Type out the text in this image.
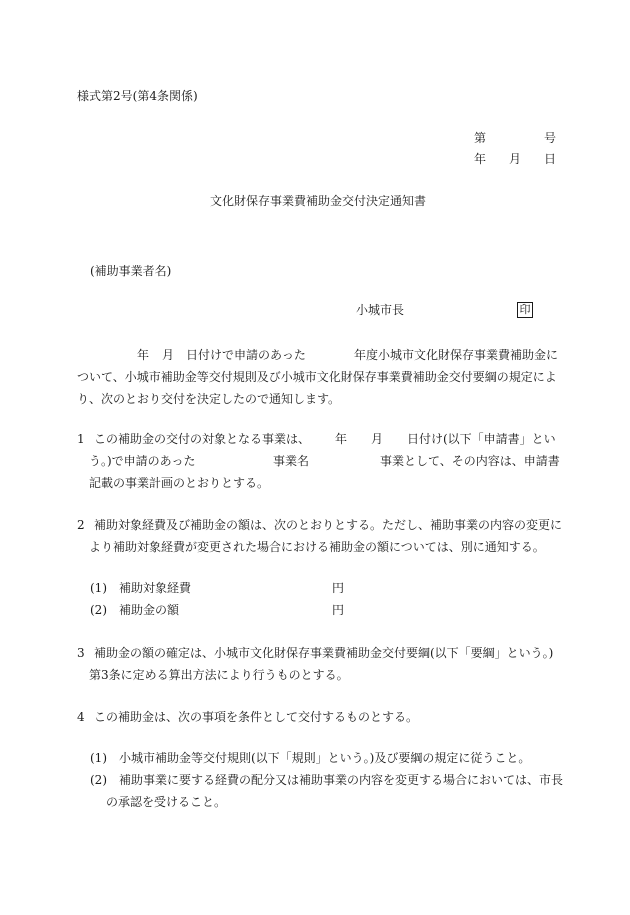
様式第2号(第4条関係)
第	号
年 月 日
文化財保存事業費補助金交付決定通知書
(補助事業者名)
小城市長	印
年 月 日付けで申請のあった	年度小城市文化財保存事業費補助金に
ついて、小城市補助金等交付規則及び小城市文化財保存事業費補助金交付要綱の規定によ
り、次のとおり交付を決定したので通知します。
1 この補助金の交付の対象となる事業は、 年 月 日付け(以下「申請書」とい
う。)で申請のあった	事業名	事業として、その内容は、申請書
記載の事業計画のとおりとする。
2 補助対象経費及び補助金の額は、次のとおりとする。ただし、補助事業の内容の変更に
より補助対象経費が変更された場合における補助金の額については、別に通知する。
(1) 補助対象経費	円
(2) 補助金の額	円
3 補助金の額の確定は、小城市文化財保存事業費補助金交付要綱(以下「要綱」という。)
第3条に定める算出方法により行うものとする。
4 この補助金は、次の事項を条件として交付するものとする。
(1) 小城市補助金等交付規則(以下「規則」という。)及び要綱の規定に従うこと。
(2) 補助事業に要する経費の配分又は補助事業の内容を変更する場合においては、市長
の承認を受けること。
